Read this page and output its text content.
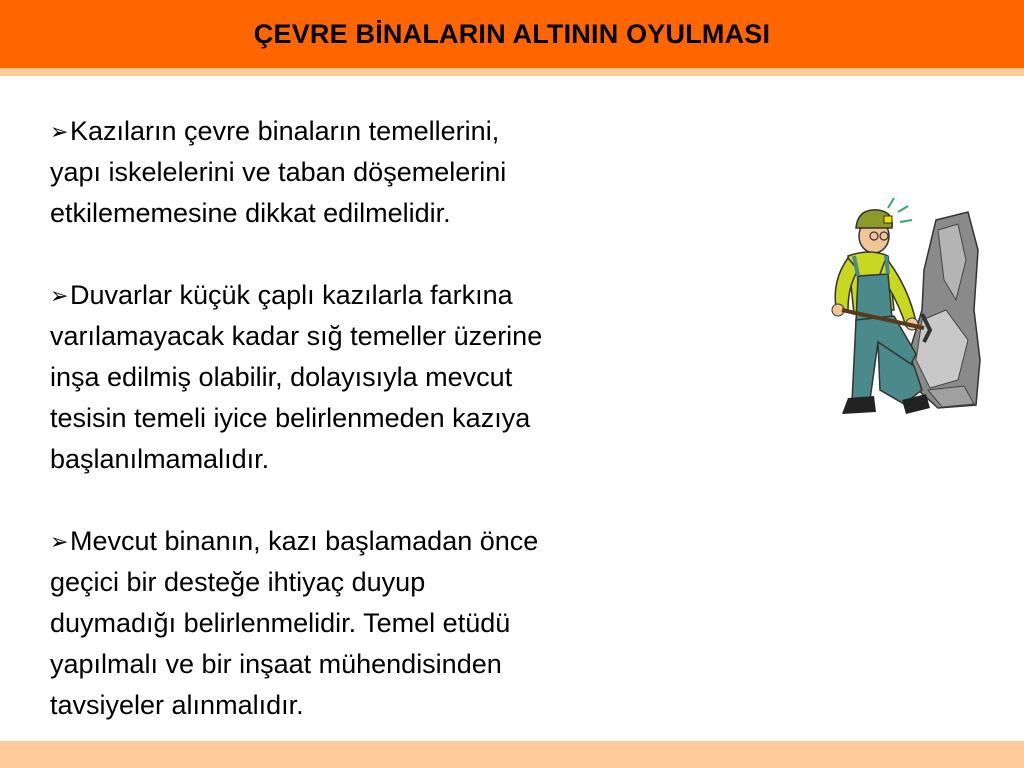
ÇEVRE BİNALARIN ALTININ OYULMASI
➢Kazıların çevre binaların temellerini,
yapı iskelelerini ve taban döşemelerini
etkilememesine dikkat edilmelidir.
➢Duvarlar küçük çaplı kazılarla farkına
varılamayacak kadar sığ temeller üzerine
inşa edilmiş olabilir, dolayısıyla mevcut
tesisin temeli iyice belirlenmeden kazıya
başlanılmamalıdır.
➢Mevcut binanın, kazı başlamadan önce
geçici bir desteğe ihtiyaç duyup
duymadığı belirlenmelidir. Temel etüdü
yapılmalı ve bir inşaat mühendisinden
tavsiyeler alınmalıdır.
